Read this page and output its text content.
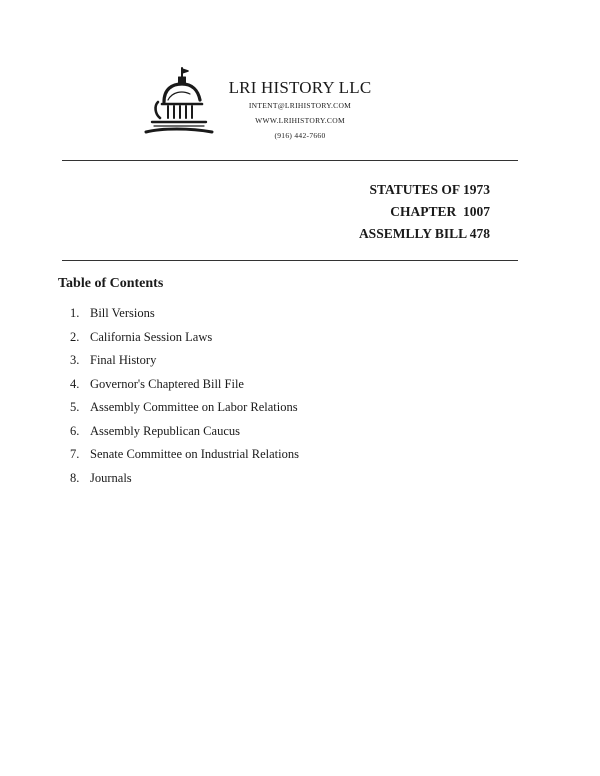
LRI HISTORY LLC
INTENT@LRIHISTORY.COM
WWW.LRIHISTORY.COM
(916) 442-7660
STATUTES OF 1973
CHAPTER  1007
ASSEMLLY BILL 478
Table of Contents
1. Bill Versions
2. California Session Laws
3. Final History
4. Governor's Chaptered Bill File
5. Assembly Committee on Labor Relations
6. Assembly Republican Caucus
7. Senate Committee on Industrial Relations
8. Journals
